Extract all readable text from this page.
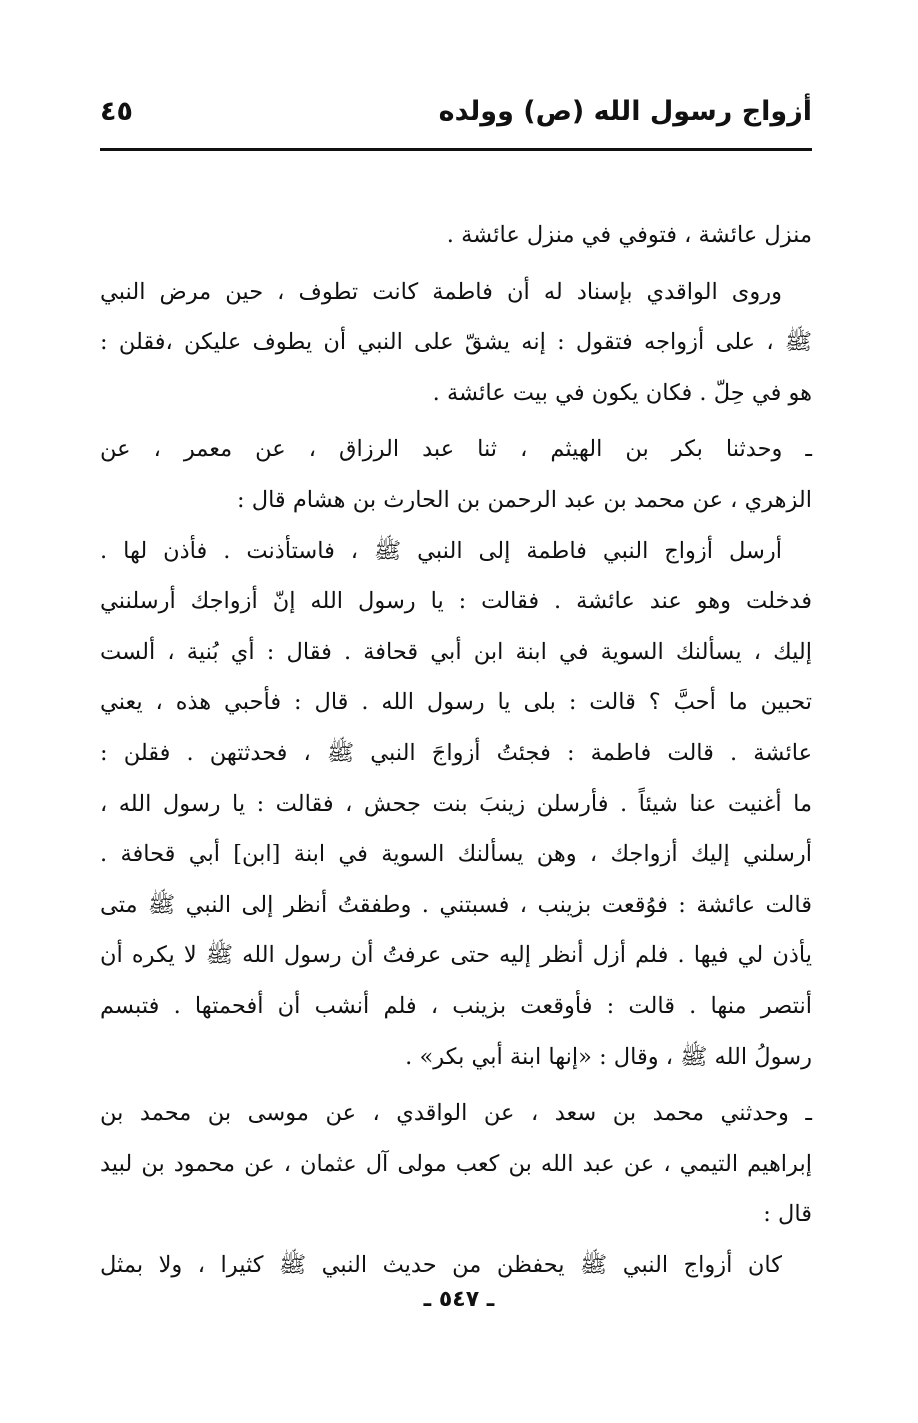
أزواج رسول الله (ص) وولده
٤٥
منزل عائشة ، فتوفي في منزل عائشة .
وروى الواقدي بإسناد له أن فاطمة كانت تطوف ، حين مرض النبي
ﷺ ، على أزواجه فتقول : إنه يشقّ على النبي أن يطوف عليكن ،فقلن :
هو في حِلّ . فكان يكون في بيت عائشة .
ـ وحدثنا بكر بن الهيثم ، ثنا عبد الرزاق ، عن معمر ، عن
الزهري ، عن محمد بن عبد الرحمن بن الحارث بن هشام قال :
أرسل أزواج النبي فاطمة إلى النبي ﷺ ، فاستأذنت . فأذن لها .
فدخلت وهو عند عائشة . فقالت : يا رسول الله إنّ أزواجك أرسلنني
إليك ، يسألنك السوية في ابنة ابن أبي قحافة . فقال : أي بُنية ، ألست
تحبين ما أحبَّ ؟ قالت : بلى يا رسول الله . قال : فأحبي هذه ، يعني
عائشة . قالت فاطمة : فجئتُ أزواجَ النبي ﷺ ، فحدثتهن . فقلن :
ما أغنيت عنا شيئاً . فأرسلن زينبَ بنت جحش ، فقالت : يا رسول الله ،
أرسلني إليك أزواجك ، وهن يسألنك السوية في ابنة [ابن] أبي قحافة .
قالت عائشة : فوُقعت بزينب ، فسبتني . وطفقتُ أنظر إلى النبي ﷺ متى
يأذن لي فيها . فلم أزل أنظر إليه حتى عرفتُ أن رسول الله ﷺ لا يكره أن
أنتصر منها . قالت : فأوقعت بزينب ، فلم أنشب أن أفحمتها . فتبسم
رسولُ الله ﷺ ، وقال : «إنها ابنة أبي بكر» .
ـ وحدثني محمد بن سعد ، عن الواقدي ، عن موسى بن محمد بن
إبراهيم التيمي ، عن عبد الله بن كعب مولى آل عثمان ، عن محمود بن لبيد
قال :
كان أزواج النبي ﷺ يحفظن من حديث النبي ﷺ كثيرا ، ولا بمثل
ـ ٥٤٧ ـ
